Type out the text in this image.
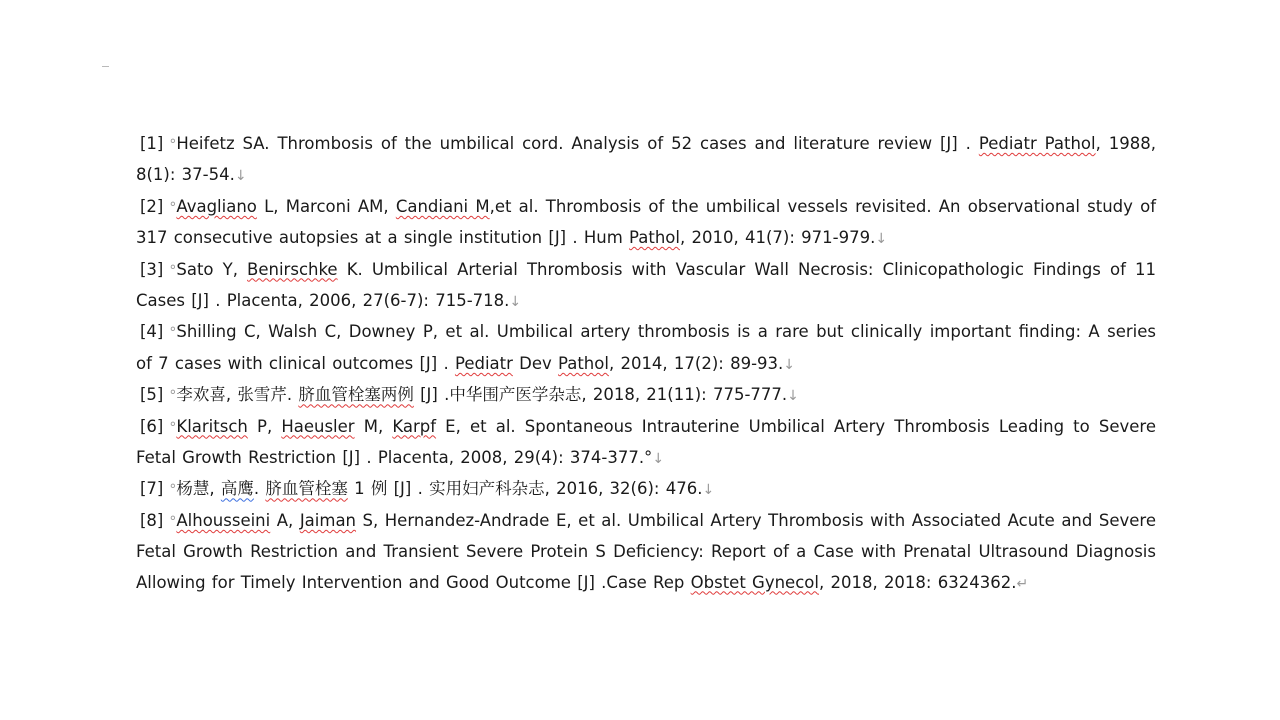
[1] °Heifetz SA. Thrombosis of the umbilical cord. Analysis of 52 cases and literature review [J] . Pediatr Pathol, 1988, 8(1): 37-54.↓

[2] °Avagliano L, Marconi AM, Candiani M,et al. Thrombosis of the umbilical vessels revisited. An observational study of 317 consecutive autopsies at a single institution [J] . Hum Pathol, 2010, 41(7): 971-979.↓

[3] °Sato Y, Benirschke K. Umbilical Arterial Thrombosis with Vascular Wall Necrosis: Clinicopathologic Findings of 11 Cases [J] . Placenta, 2006, 27(6-7): 715-718.↓

[4] °Shilling C, Walsh C, Downey P, et al. Umbilical artery thrombosis is a rare but clinically important finding: A series of 7 cases with clinical outcomes [J] . Pediatr Dev Pathol, 2014, 17(2): 89-93.↓

[5] °李欢喜, 张雪芹. 脐血管栓塞两例 [J] .中华围产医学杂志, 2018, 21(11): 775-777.↓

[6] °Klaritsch P, Haeusler M, Karpf E, et al. Spontaneous Intrauterine Umbilical Artery Thrombosis Leading to Severe Fetal Growth Restriction [J] . Placenta, 2008, 29(4): 374-377.°↓

[7] °杨慧, 高鹰. 脐血管栓塞 1 例 [J] . 实用妇产科杂志, 2016, 32(6): 476.↓

[8] °Alhousseini A, Jaiman S, Hernandez-Andrade E, et al. Umbilical Artery Thrombosis with Associated Acute and Severe Fetal Growth Restriction and Transient Severe Protein S Deficiency: Report of a Case with Prenatal Ultrasound Diagnosis Allowing for Timely Intervention and Good Outcome [J] .Case Rep Obstet Gynecol, 2018, 2018: 6324362.↵
